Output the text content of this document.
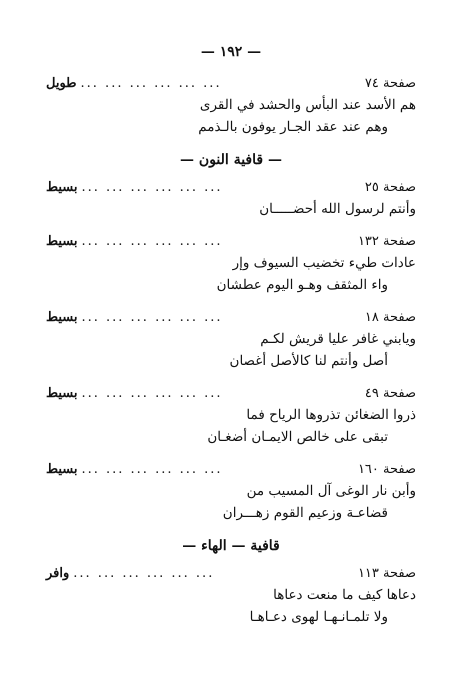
— ١٩٢ —
صفحة ٧٤
... ... ... ... ... ...
طويل
هم الأسد عند البأس والحشد في القرى
وهم عند عقد الجـار يوفون بالـذمم
— قافية النون —
صفحة ٢٥
... ... ... ... ... ...
بسيط
وأنتم لرسول الله أحضـــــان
صفحة ١٣٢
... ... ... ... ... ...
بسيط
عادات طيء تخضيب السيوف وإر
واء المثقف وهـو اليوم عطشان
صفحة ١٨
... ... ... ... ... ...
بسيط
ويابني غافر عليا قريش لكـم
أصل وأنتم لنا كالأصل أغصان
صفحة ٤٩
... ... ... ... ... ...
بسيط
ذروا الضغائن تذروها الرياح فما
تبقى على خالص الايمـان أضغـان
صفحة ١٦٠
... ... ... ... ... ...
بسيط
وأبن نار الوغى آل المسيب من
قضاعـة وزعيم القوم زهـــران
قافية — الهاء —
صفحة ١١٣
... ... ... ... ... ...
وافر
دعاها كيف ما منعت دعاها
ولا تلمـانـهـا لهوى دعـاهـا
